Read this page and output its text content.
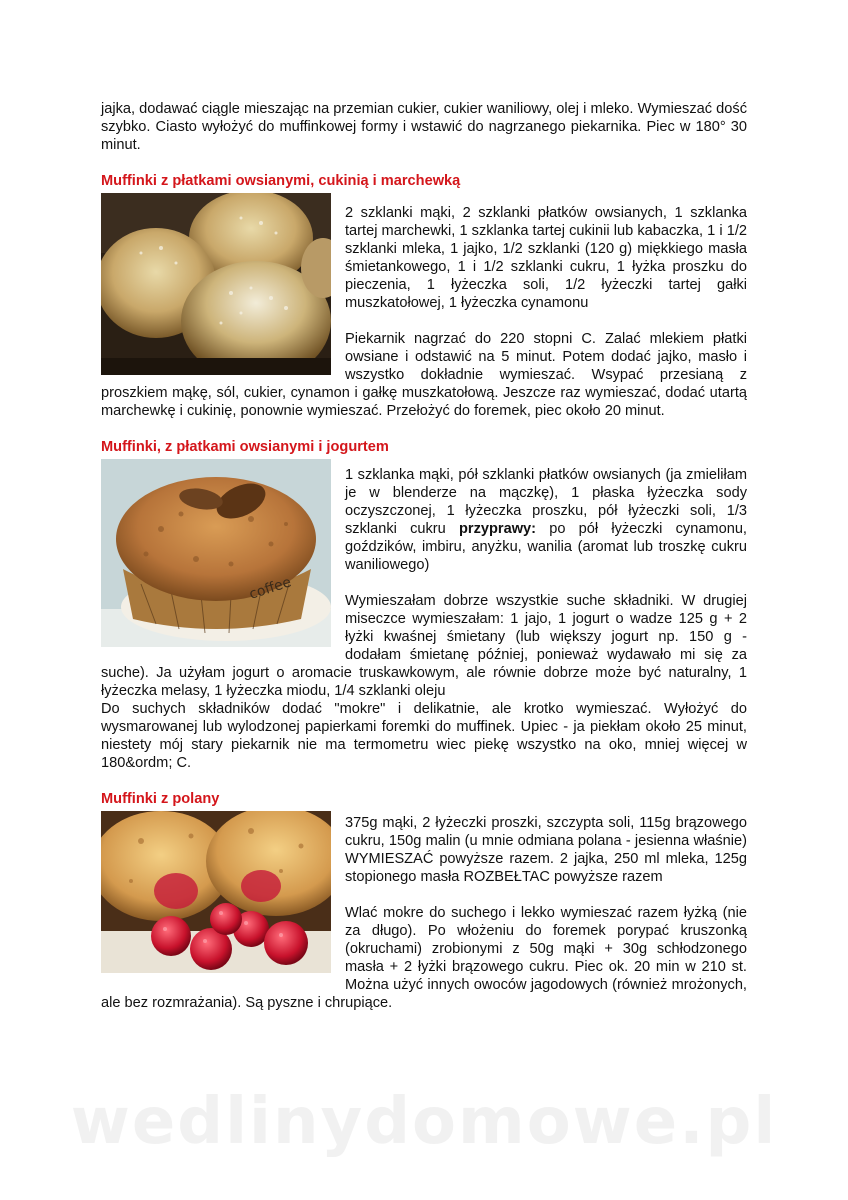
jajka, dodawać ciągle mieszając na przemian cukier, cukier waniliowy, olej i mleko. Wymieszać dość szybko. Ciasto wyłożyć do muffinkowej formy i wstawić do nagrzanego piekarnika. Piec w 180° 30 minut.

Muffinki z płatkami owsianymi, cukinią i marchewką

2 szklanki mąki, 2 szklanki płatków owsianych, 1 szklanka tartej marchewki, 1 szklanka tartej cukinii lub kabaczka, 1 i 1/2 szklanki mleka, 1 jajko, 1/2 szklanki (120 g) miękkiego masła śmietankowego, 1 i 1/2 szklanki cukru, 1 łyżka proszku do pieczenia, 1 łyżeczka soli, 1/2 łyżeczki tartej gałki muszkatołowej, 1 łyżeczka cynamonu

Piekarnik nagrzać do 220 stopni C. Zalać mlekiem płatki owsiane i odstawić na 5 minut. Potem dodać jajko, masło i wszystko dokładnie wymieszać. Wsypać przesianą z proszkiem mąkę, sól, cukier, cynamon i gałkę muszkatołową. Jeszcze raz wymieszać, dodać utartą marchewkę i cukinię, ponownie wymieszać. Przełożyć do foremek, piec około 20 minut.

Muffinki, z płatkami owsianymi i jogurtem
coffee

1 szklanka mąki, pół szklanki płatków owsianych (ja zmieliłam je w blenderze na mączkę), 1 płaska łyżeczka sody oczyszczonej, 1 łyżeczka proszku, pół łyżeczki soli, 1/3 szklanki cukru przyprawy: po pół łyżeczki cynamonu, goździków, imbiru, anyżku, wanilia (aromat lub troszkę cukru waniliowego)

Wymieszałam dobrze wszystkie suche składniki. W drugiej miseczce wymieszałam: 1 jajo, 1 jogurt o wadze 125 g + 2 łyżki kwaśnej śmietany (lub większy jogurt np. 150 g - dodałam śmietanę później, ponieważ wydawało mi się za suche). Ja użyłam jogurt o aromacie truskawkowym, ale równie dobrze może być naturalny, 1 łyżeczka melasy, 1 łyżeczka miodu, 1/4 szklanki oleju

Do suchych składników dodać "mokre" i delikatnie, ale krotko wymieszać. Wyłożyć do wysmarowanej lub wylodzonej papierkami foremki do muffinek. Upiec - ja piekłam około 25 minut, niestety mój stary piekarnik nie ma termometru wiec piekę wszystko na oko, mniej więcej w 180&ordm; C.

Muffinki z polany

375g mąki, 2 łyżeczki proszki, szczypta soli, 115g brązowego cukru, 150g malin (u mnie odmiana polana - jesienna właśnie) WYMIESZAĆ powyższe razem. 2 jajka, 250 ml mleka, 125g stopionego masła ROZBEŁTAC powyższe razem

Wlać mokre do suchego i lekko wymieszać razem łyżką (nie za długo). Po włożeniu do foremek porypać kruszonką (okruchami) zrobionymi z 50g mąki + 30g schłodzonego masła + 2 łyżki brązowego cukru. Piec ok. 20 min w 210 st. Można użyć innych owoców jagodowych (również mrożonych, ale bez rozmrażania). Są pyszne i chrupiące.

wedlinydomowe.pl
